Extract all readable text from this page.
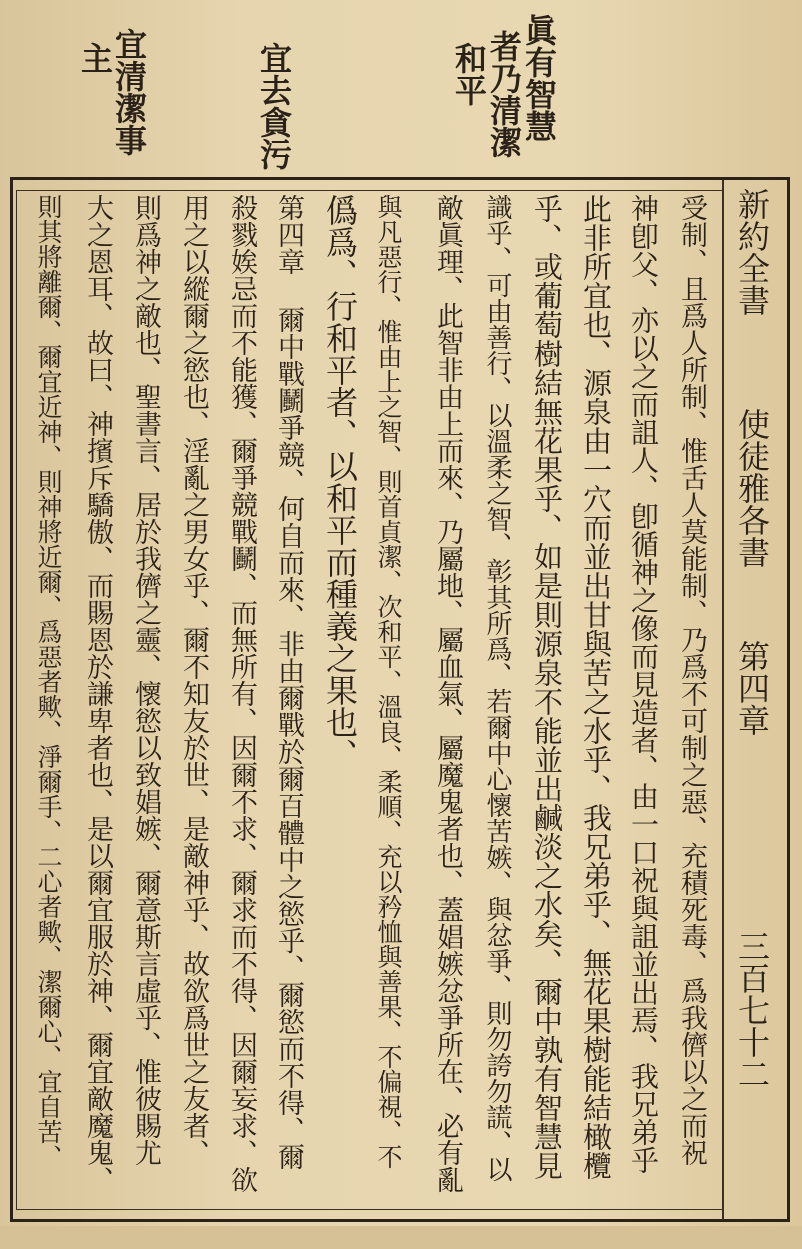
眞有智慧
者乃清潔
和平
宜去貪污
宜清潔事
主
新約全書
使徒雅各書
第四章
三百七十二
受制、且爲人所制、惟舌人莫能制、乃爲不可制之惡、充積死毒、爲我儕以之而祝
神卽父、亦以之而詛人、卽循神之像而見造者、由一口祝與詛並出焉、我兄弟乎
此非所宜也、源泉由一穴而並出甘與苦之水乎、我兄弟乎、無花果樹能結橄欖
乎、或葡萄樹結無花果乎、如是則源泉不能並出鹹淡之水矣、爾中孰有智慧見
識乎、可由善行、以溫柔之智、彰其所爲、若爾中心懷苦嫉、與忿爭、則勿誇勿謊、以
敵眞理、此智非由上而來、乃屬地、屬血氣、屬魔鬼者也、蓋娼嫉忿爭所在、必有亂
與凡惡行、惟由上之智、則首貞潔、次和平、溫良、柔順、充以矜恤與善果、不偏視、不
僞爲、行和平者、以和平而種義之果也、
第四章 爾中戰鬭爭競、何自而來、非由爾戰於爾百體中之慾乎、爾慾而不得、爾
殺戮娭忌而不能獲、爾爭競戰鬭、而無所有、因爾不求、爾求而不得、因爾妄求、欲
用之以縱爾之慾也、淫亂之男女乎、爾不知友於世、是敵神乎、故欲爲世之友者、
則爲神之敵也、聖書言、居於我儕之靈、懷慾以致娼嫉、爾意斯言虛乎、惟彼賜尤
大之恩耳、故曰、神擯斥驕傲、而賜恩於謙卑者也、是以爾宜服於神、爾宜敵魔鬼、
則其將離爾、爾宜近神、則神將近爾、爲惡者歟、淨爾手、二心者歟、潔爾心、宜自苦、
